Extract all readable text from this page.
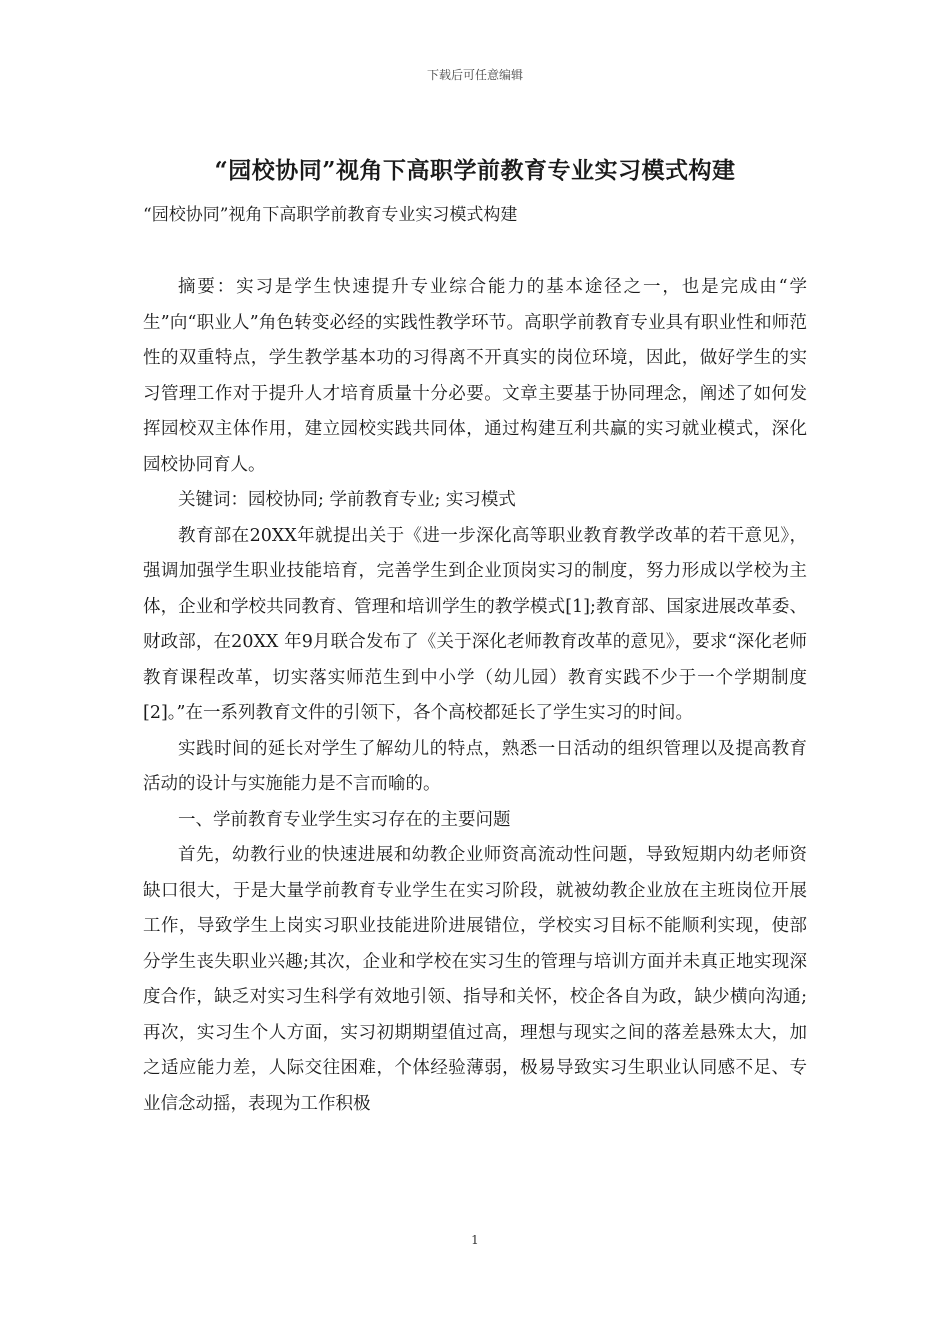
下载后可任意编辑
“园校协同”视角下高职学前教育专业实习模式构建
“园校协同”视角下高职学前教育专业实习模式构建

摘要：实习是学生快速提升专业综合能力的基本途径之一，也是完成由“学生”向“职业人”角色转变必经的实践性教学环节。高职学前教育专业具有职业性和师范性的双重特点，学生教学基本功的习得离不开真实的岗位环境，因此，做好学生的实习管理工作对于提升人才培育质量十分必要。文章主要基于协同理念，阐述了如何发挥园校双主体作用，建立园校实践共同体，通过构建互利共赢的实习就业模式，深化园校协同育人。

关键词：园校协同; 学前教育专业; 实习模式

教育部在20XX年就提出关于《进一步深化高等职业教育教学改革的若干意见》，强调加强学生职业技能培育，完善学生到企业顶岗实习的制度，努力形成以学校为主体，企业和学校共同教育、管理和培训学生的教学模式[1];教育部、国家进展改革委、财政部，在20XX 年9月联合发布了《关于深化老师教育改革的意见》，要求“深化老师教育课程改革，切实落实师范生到中小学（幼儿园）教育实践不少于一个学期制度[2]。”在一系列教育文件的引领下，各个高校都延长了学生实习的时间。

实践时间的延长对学生了解幼儿的特点，熟悉一日活动的组织管理以及提高教育活动的设计与实施能力是不言而喻的。

一、学前教育专业学生实习存在的主要问题

首先，幼教行业的快速进展和幼教企业师资高流动性问题，导致短期内幼老师资缺口很大，于是大量学前教育专业学生在实习阶段，就被幼教企业放在主班岗位开展工作，导致学生上岗实习职业技能进阶进展错位，学校实习目标不能顺利实现，使部分学生丧失职业兴趣;其次，企业和学校在实习生的管理与培训方面并未真正地实现深度合作，缺乏对实习生科学有效地引领、指导和关怀，校企各自为政，缺少横向沟通;再次，实习生个人方面，实习初期期望值过高，理想与现实之间的落差悬殊太大，加之适应能力差，人际交往困难，个体经验薄弱，极易导致实习生职业认同感不足、专业信念动摇，表现为工作积极

1
